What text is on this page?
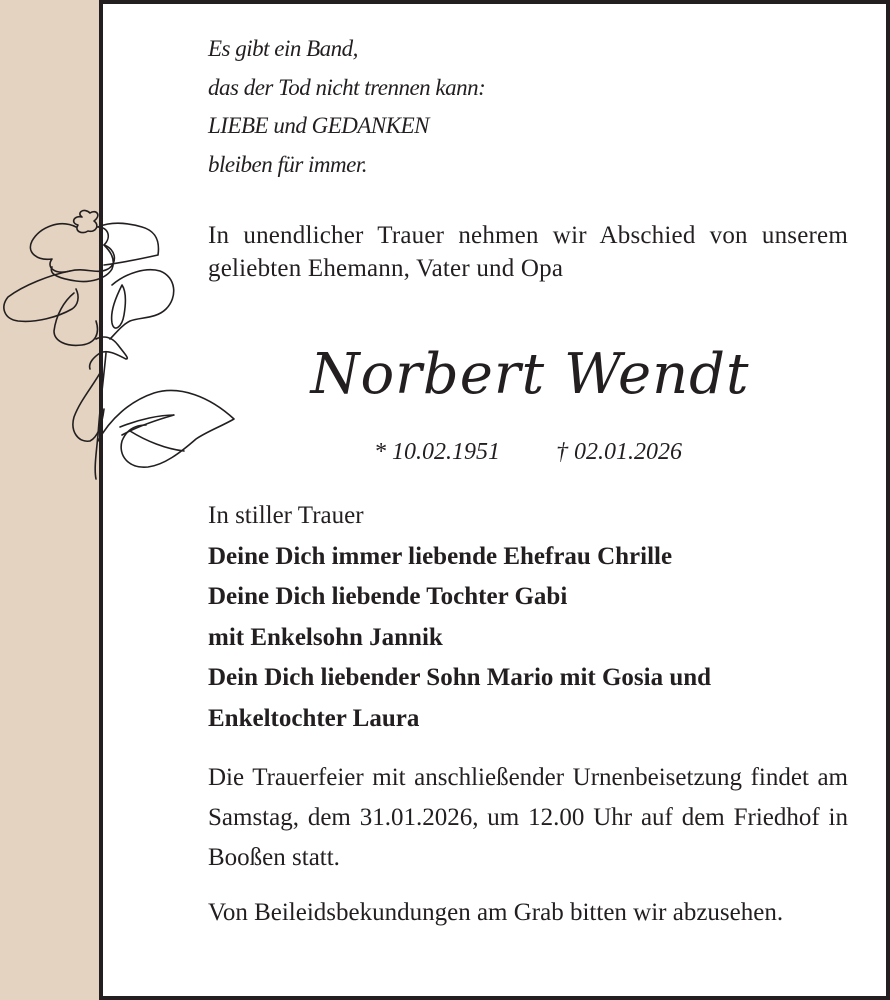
Es gibt ein Band,
das der Tod nicht trennen kann:
LIEBE und GEDANKEN
bleiben für immer.
In unendlicher Trauer nehmen wir Abschied von unserem geliebten Ehemann, Vater und Opa
Norbert Wendt
* 10.02.1951 † 02.01.2026
In stiller Trauer
Deine Dich immer liebende Ehefrau Chrille
Deine Dich liebende Tochter Gabi
mit Enkelsohn Jannik
Dein Dich liebender Sohn Mario mit Gosia und
Enkeltochter Laura
Die Trauerfeier mit anschließender Urnenbeisetzung findet am Samstag, dem 31.01.2026, um 12.00 Uhr auf dem Friedhof in Booßen statt.
Von Beileidsbekundungen am Grab bitten wir abzusehen.
